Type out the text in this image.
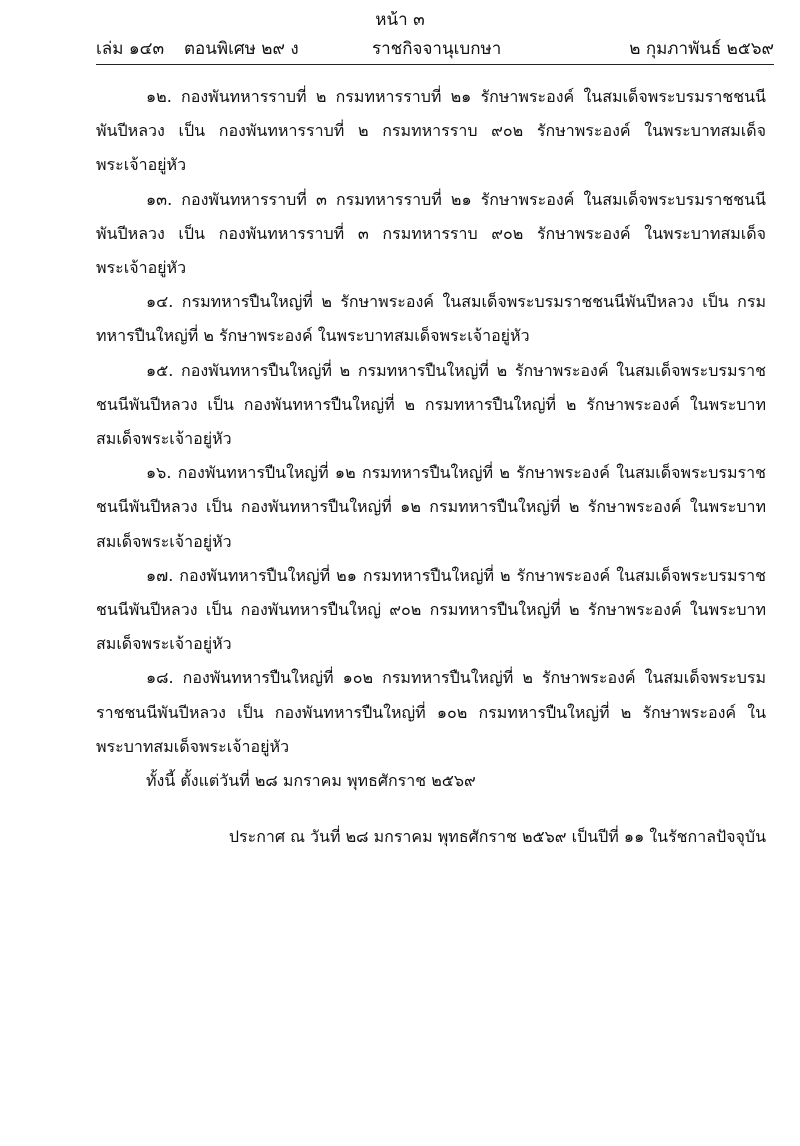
หน้า ๓
เล่ม ๑๔๓ ตอนพิเศษ ๒๙ ง	ราชกิจจานุเบกษา	๒ กุมภาพันธ์ ๒๕๖๙

๑๒. กองพันทหารราบที่ ๒ กรมทหารราบที่ ๒๑ รักษาพระองค์ ในสมเด็จพระบรมราชชนนีพันปีหลวง เป็น กองพันทหารราบที่ ๒ กรมทหารราบ ๙๐๒ รักษาพระองค์ ในพระบาทสมเด็จพระเจ้าอยู่หัว

๑๓. กองพันทหารราบที่ ๓ กรมทหารราบที่ ๒๑ รักษาพระองค์ ในสมเด็จพระบรมราชชนนีพันปีหลวง เป็น กองพันทหารราบที่ ๓ กรมทหารราบ ๙๐๒ รักษาพระองค์ ในพระบาทสมเด็จพระเจ้าอยู่หัว

๑๔. กรมทหารปืนใหญ่ที่ ๒ รักษาพระองค์ ในสมเด็จพระบรมราชชนนีพันปีหลวง เป็น กรมทหารปืนใหญ่ที่ ๒ รักษาพระองค์ ในพระบาทสมเด็จพระเจ้าอยู่หัว

๑๕. กองพันทหารปืนใหญ่ที่ ๒ กรมทหารปืนใหญ่ที่ ๒ รักษาพระองค์ ในสมเด็จพระบรมราชชนนีพันปีหลวง เป็น กองพันทหารปืนใหญ่ที่ ๒ กรมทหารปืนใหญ่ที่ ๒ รักษาพระองค์ ในพระบาทสมเด็จพระเจ้าอยู่หัว

๑๖. กองพันทหารปืนใหญ่ที่ ๑๒ กรมทหารปืนใหญ่ที่ ๒ รักษาพระองค์ ในสมเด็จพระบรมราชชนนีพันปีหลวง เป็น กองพันทหารปืนใหญ่ที่ ๑๒ กรมทหารปืนใหญ่ที่ ๒ รักษาพระองค์ ในพระบาทสมเด็จพระเจ้าอยู่หัว

๑๗. กองพันทหารปืนใหญ่ที่ ๒๑ กรมทหารปืนใหญ่ที่ ๒ รักษาพระองค์ ในสมเด็จพระบรมราชชนนีพันปีหลวง เป็น กองพันทหารปืนใหญ่ ๙๐๒ กรมทหารปืนใหญ่ที่ ๒ รักษาพระองค์ ในพระบาทสมเด็จพระเจ้าอยู่หัว

๑๘. กองพันทหารปืนใหญ่ที่ ๑๐๒ กรมทหารปืนใหญ่ที่ ๒ รักษาพระองค์ ในสมเด็จพระบรมราชชนนีพันปีหลวง เป็น กองพันทหารปืนใหญ่ที่ ๑๐๒ กรมทหารปืนใหญ่ที่ ๒ รักษาพระองค์ ในพระบาทสมเด็จพระเจ้าอยู่หัว

ทั้งนี้ ตั้งแต่วันที่ ๒๘ มกราคม พุทธศักราช ๒๕๖๙

ประกาศ ณ วันที่ ๒๘ มกราคม พุทธศักราช ๒๕๖๙ เป็นปีที่ ๑๑ ในรัชกาลปัจจุบัน
